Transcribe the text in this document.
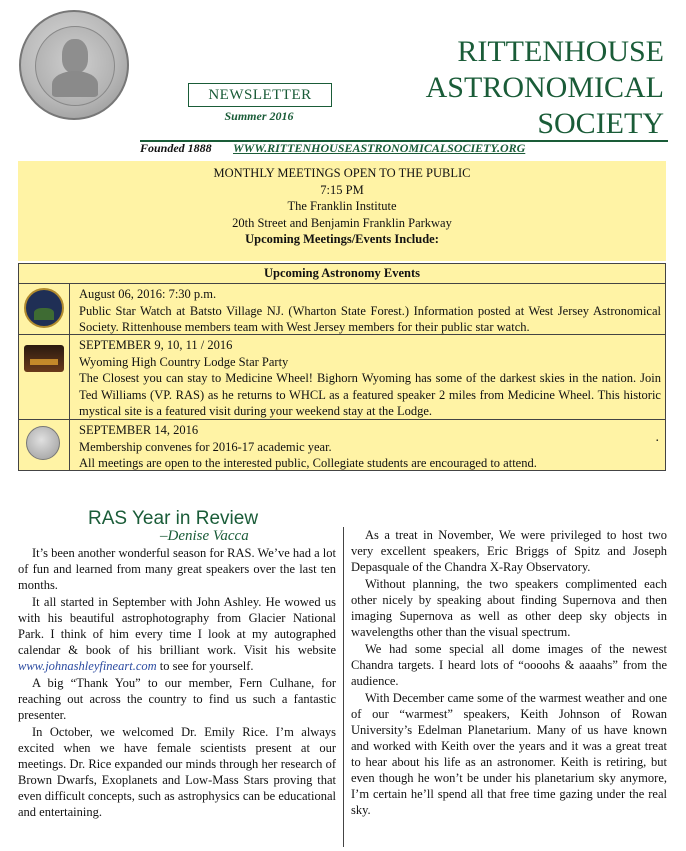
NEWSLETTER
Summer 2016
RITTENHOUSE
ASTRONOMICAL
SOCIETY
Founded 1888 WWW.RITTENHOUSEASTRONOMICALSOCIETY.ORG
MONTHLY MEETINGS OPEN TO THE PUBLIC
7:15 PM
The Franklin Institute
20th Street and Benjamin Franklin Parkway
Upcoming Meetings/Events Include:
Upcoming Astronomy Events
August 06, 2016: 7:30 p.m.
Public Star Watch at Batsto Village NJ. (Wharton State Forest.) Information posted at West Jersey Astronomical Society. Rittenhouse members team with West Jersey members for their public star watch.
SEPTEMBER 9, 10, 11 / 2016
Wyoming High Country Lodge Star Party
The Closest you can stay to Medicine Wheel! Bighorn Wyoming has some of the darkest skies in the nation. Join Ted Williams (VP. RAS) as he returns to WHCL as a featured speaker 2 miles from Medicine Wheel. This historic mystical site is a featured visit during your weekend stay at the Lodge.
SEPTEMBER 14, 2016
Membership convenes for 2016-17 academic year.
All meetings are open to the interested public, Collegiate students are encouraged to attend.
.
RAS Year in Review
–Denise Vacca

It’s been another wonderful season for RAS. We’ve had a lot of fun and learned from many great speakers over the last ten months.

It all started in September with John Ashley. He wowed us with his beautiful astrophotography from Glacier National Park. I think of him every time I look at my autographed calendar & book of his brilliant work. Visit his website www.johnashleyfineart.com to see for yourself.

A big “Thank You” to our member, Fern Culhane, for reaching out across the country to find us such a fantastic presenter.

In October, we welcomed Dr. Emily Rice. I’m always excited when we have female scientists present at our meetings. Dr. Rice expanded our minds through her research of Brown Dwarfs, Exoplanets and Low-Mass Stars proving that even difficult concepts, such as astrophysics can be educational and entertaining.

As a treat in November, We were privileged to host two very excellent speakers, Eric Briggs of Spitz and Joseph Depasquale of the Chandra X-Ray Observatory.

Without planning, the two speakers complimented each other nicely by speaking about finding Supernova and then imaging Supernova as well as other deep sky objects in wavelengths other than the visual spectrum.

We had some special all dome images of the newest Chandra targets. I heard lots of “oooohs & aaaahs” from the audience.

With December came some of the warmest weather and one of our “warmest” speakers, Keith Johnson of Rowan University’s Edelman Planetarium. Many of us have known and worked with Keith over the years and it was a great treat to hear about his life as an astronomer. Keith is retiring, but even though he won’t be under his planetarium sky anymore, I’m certain he’ll spend all that free time gazing under the real sky.
